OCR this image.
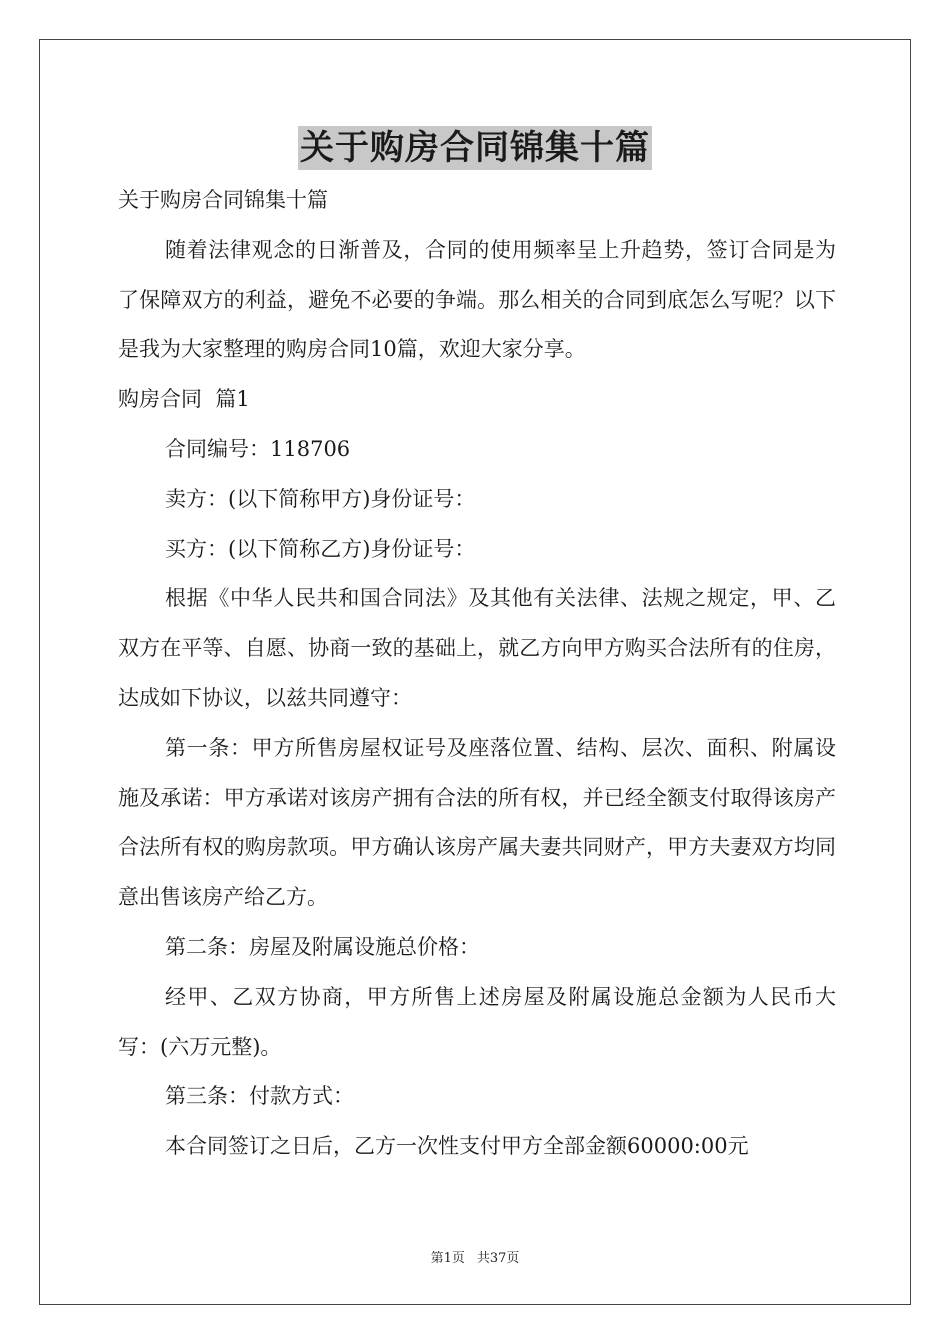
关于购房合同锦集十篇

关于购房合同锦集十篇

随着法律观念的日渐普及，合同的使用频率呈上升趋势，签订合同是为了保障双方的利益，避免不必要的争端。那么相关的合同到底怎么写呢？以下是我为大家整理的购房合同10篇，欢迎大家分享。

购房合同  篇1

合同编号：118706

卖方：(以下简称甲方)身份证号：

买方：(以下简称乙方)身份证号：

根据《中华人民共和国合同法》及其他有关法律、法规之规定，甲、乙双方在平等、自愿、协商一致的基础上，就乙方向甲方购买合法所有的住房，达成如下协议，以兹共同遵守：

第一条：甲方所售房屋权证号及座落位置、结构、层次、面积、附属设施及承诺：甲方承诺对该房产拥有合法的所有权，并已经全额支付取得该房产合法所有权的购房款项。甲方确认该房产属夫妻共同财产，甲方夫妻双方均同意出售该房产给乙方。

第二条：房屋及附属设施总价格：

经甲、乙双方协商，甲方所售上述房屋及附属设施总金额为人民币大写：(六万元整)。

第三条：付款方式：

本合同签订之日后，乙方一次性支付甲方全部金额60000:00元

第1页 共37页
